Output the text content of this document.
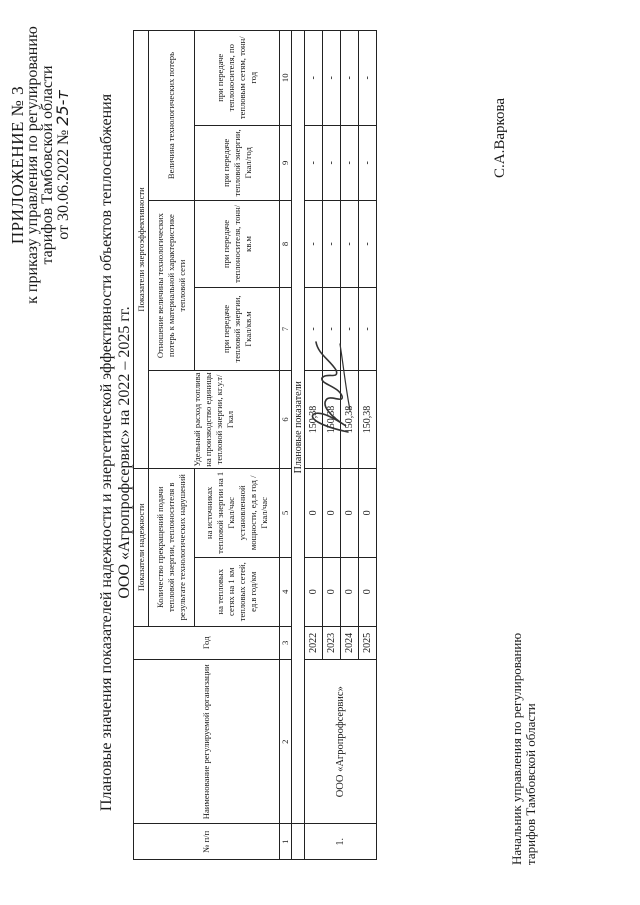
ПРИЛОЖЕНИЕ № 3
к приказу управления по регулированию
тарифов Тамбовской области от 30.06.2022 № 25-т Плановые значения показателей надежности и энергетической эффективности объектов теплоснабжения ООО «Агропрофсервис» на 2022 – 2025 гг.
№ п/п	Наименование регулируемой организации	Год	Показатели надежности		Показатели энергоэффективности				
			Количество прекращений подачи тепловой энергии, теплоносителя в результате технологических нарушений		Удельный расход топлива на производство единицы тепловой энергии, кг.у.т/Гкал	Отношение величины технологических потерь к материальной характеристике тепловой сети		Величина технологических потерь	
			на тепловых сетях на 1 км тепловых сетей, ед.в год/км	на источниках тепловой энергии на 1 Гкал/час установленной мощности, ед.в год /Гкал/час		при передаче тепловой энергии, Гкал/кв.м	при передаче теплоносителя, тонн/кв.м	при передаче тепловой энергии, Гкал/год	при передаче теплоносителя, по тепловым сетям, тонн/год
1	2	3	4	5	6	7	8	9	10
	Плановые показатели								
1.	ООО «Агропрофсервис»	2022	0	0	150,38	-	-	-	-
		2023	0	0	150,38	-	-	-	-
		2024	0	0	150,38	-	-	-	-
		2025	0	0	150,38	-	-	-	-
Начальник управления по регулированию тарифов Тамбовской области
С.А.Варкова
